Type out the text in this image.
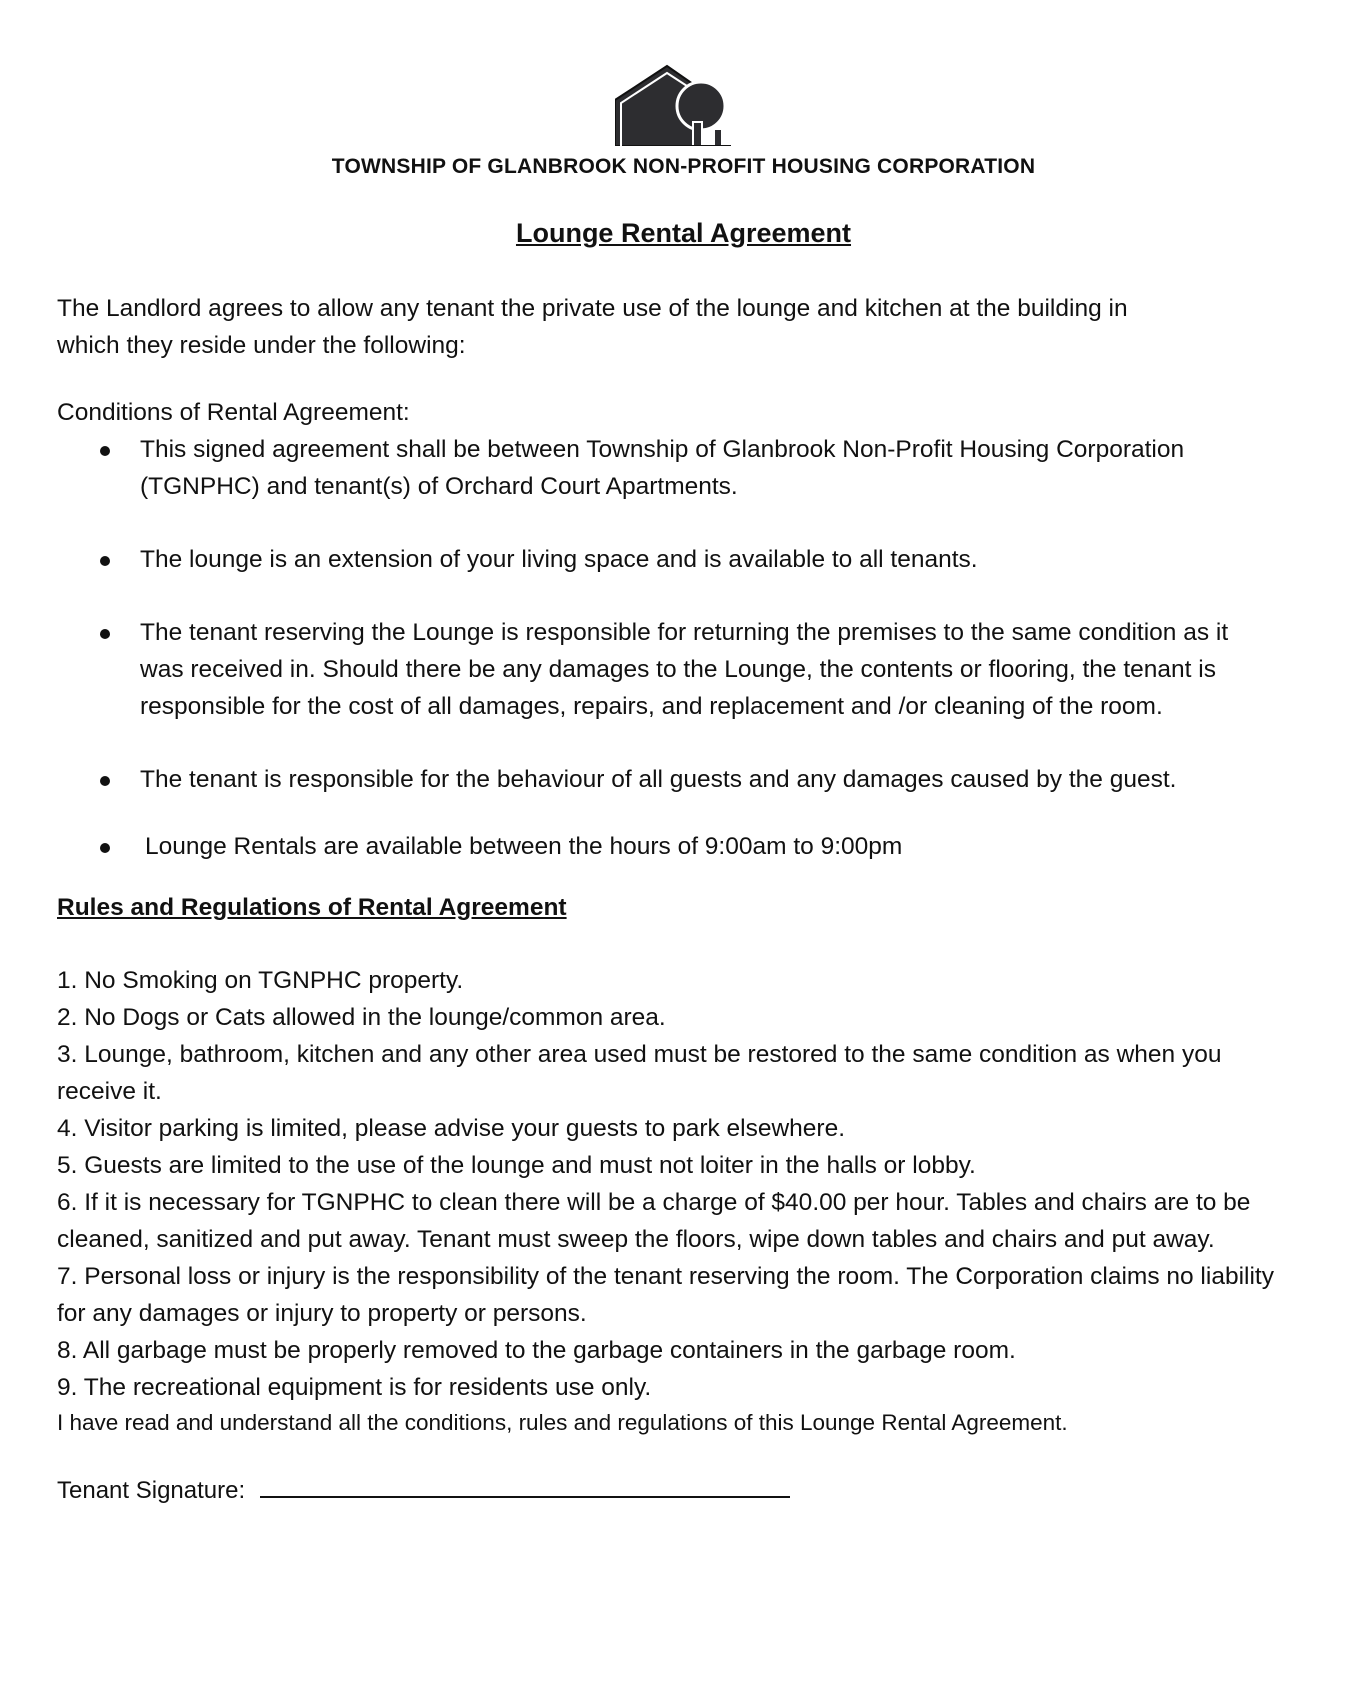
TOWNSHIP OF GLANBROOK NON-PROFIT HOUSING CORPORATION
Lounge Rental Agreement

The Landlord agrees to allow any tenant the private use of the lounge and kitchen at the building in which they reside under the following:

Conditions of Rental Agreement:

This signed agreement shall be between Township of Glanbrook Non-Profit Housing Corporation (TGNPHC) and tenant(s) of Orchard Court Apartments.
The lounge is an extension of your living space and is available to all tenants.
The tenant reserving the Lounge is responsible for returning the premises to the same condition as it was received in. Should there be any damages to the Lounge, the contents or flooring, the tenant is responsible for the cost of all damages, repairs, and replacement and /or cleaning of the room.
The tenant is responsible for the behaviour of all guests and any damages caused by the guest.
Lounge Rentals are available between the hours of 9:00am to 9:00pm

Rules and Regulations of Rental Agreement

1. No Smoking on TGNPHC property.
2. No Dogs or Cats allowed in the lounge/common area.
3. Lounge, bathroom, kitchen and any other area used must be restored to the same condition as when you receive it.
4. Visitor parking is limited, please advise your guests to park elsewhere.
5. Guests are limited to the use of the lounge and must not loiter in the halls or lobby.
6. If it is necessary for TGNPHC to clean there will be a charge of $40.00 per hour. Tables and chairs are to be cleaned, sanitized and put away. Tenant must sweep the floors, wipe down tables and chairs and put away.
7. Personal loss or injury is the responsibility of the tenant reserving the room. The Corporation claims no liability for any damages or injury to property or persons.
8. All garbage must be properly removed to the garbage containers in the garbage room.
9. The recreational equipment is for residents use only.

I have read and understand all the conditions, rules and regulations of this Lounge Rental Agreement.

Tenant Signature:
